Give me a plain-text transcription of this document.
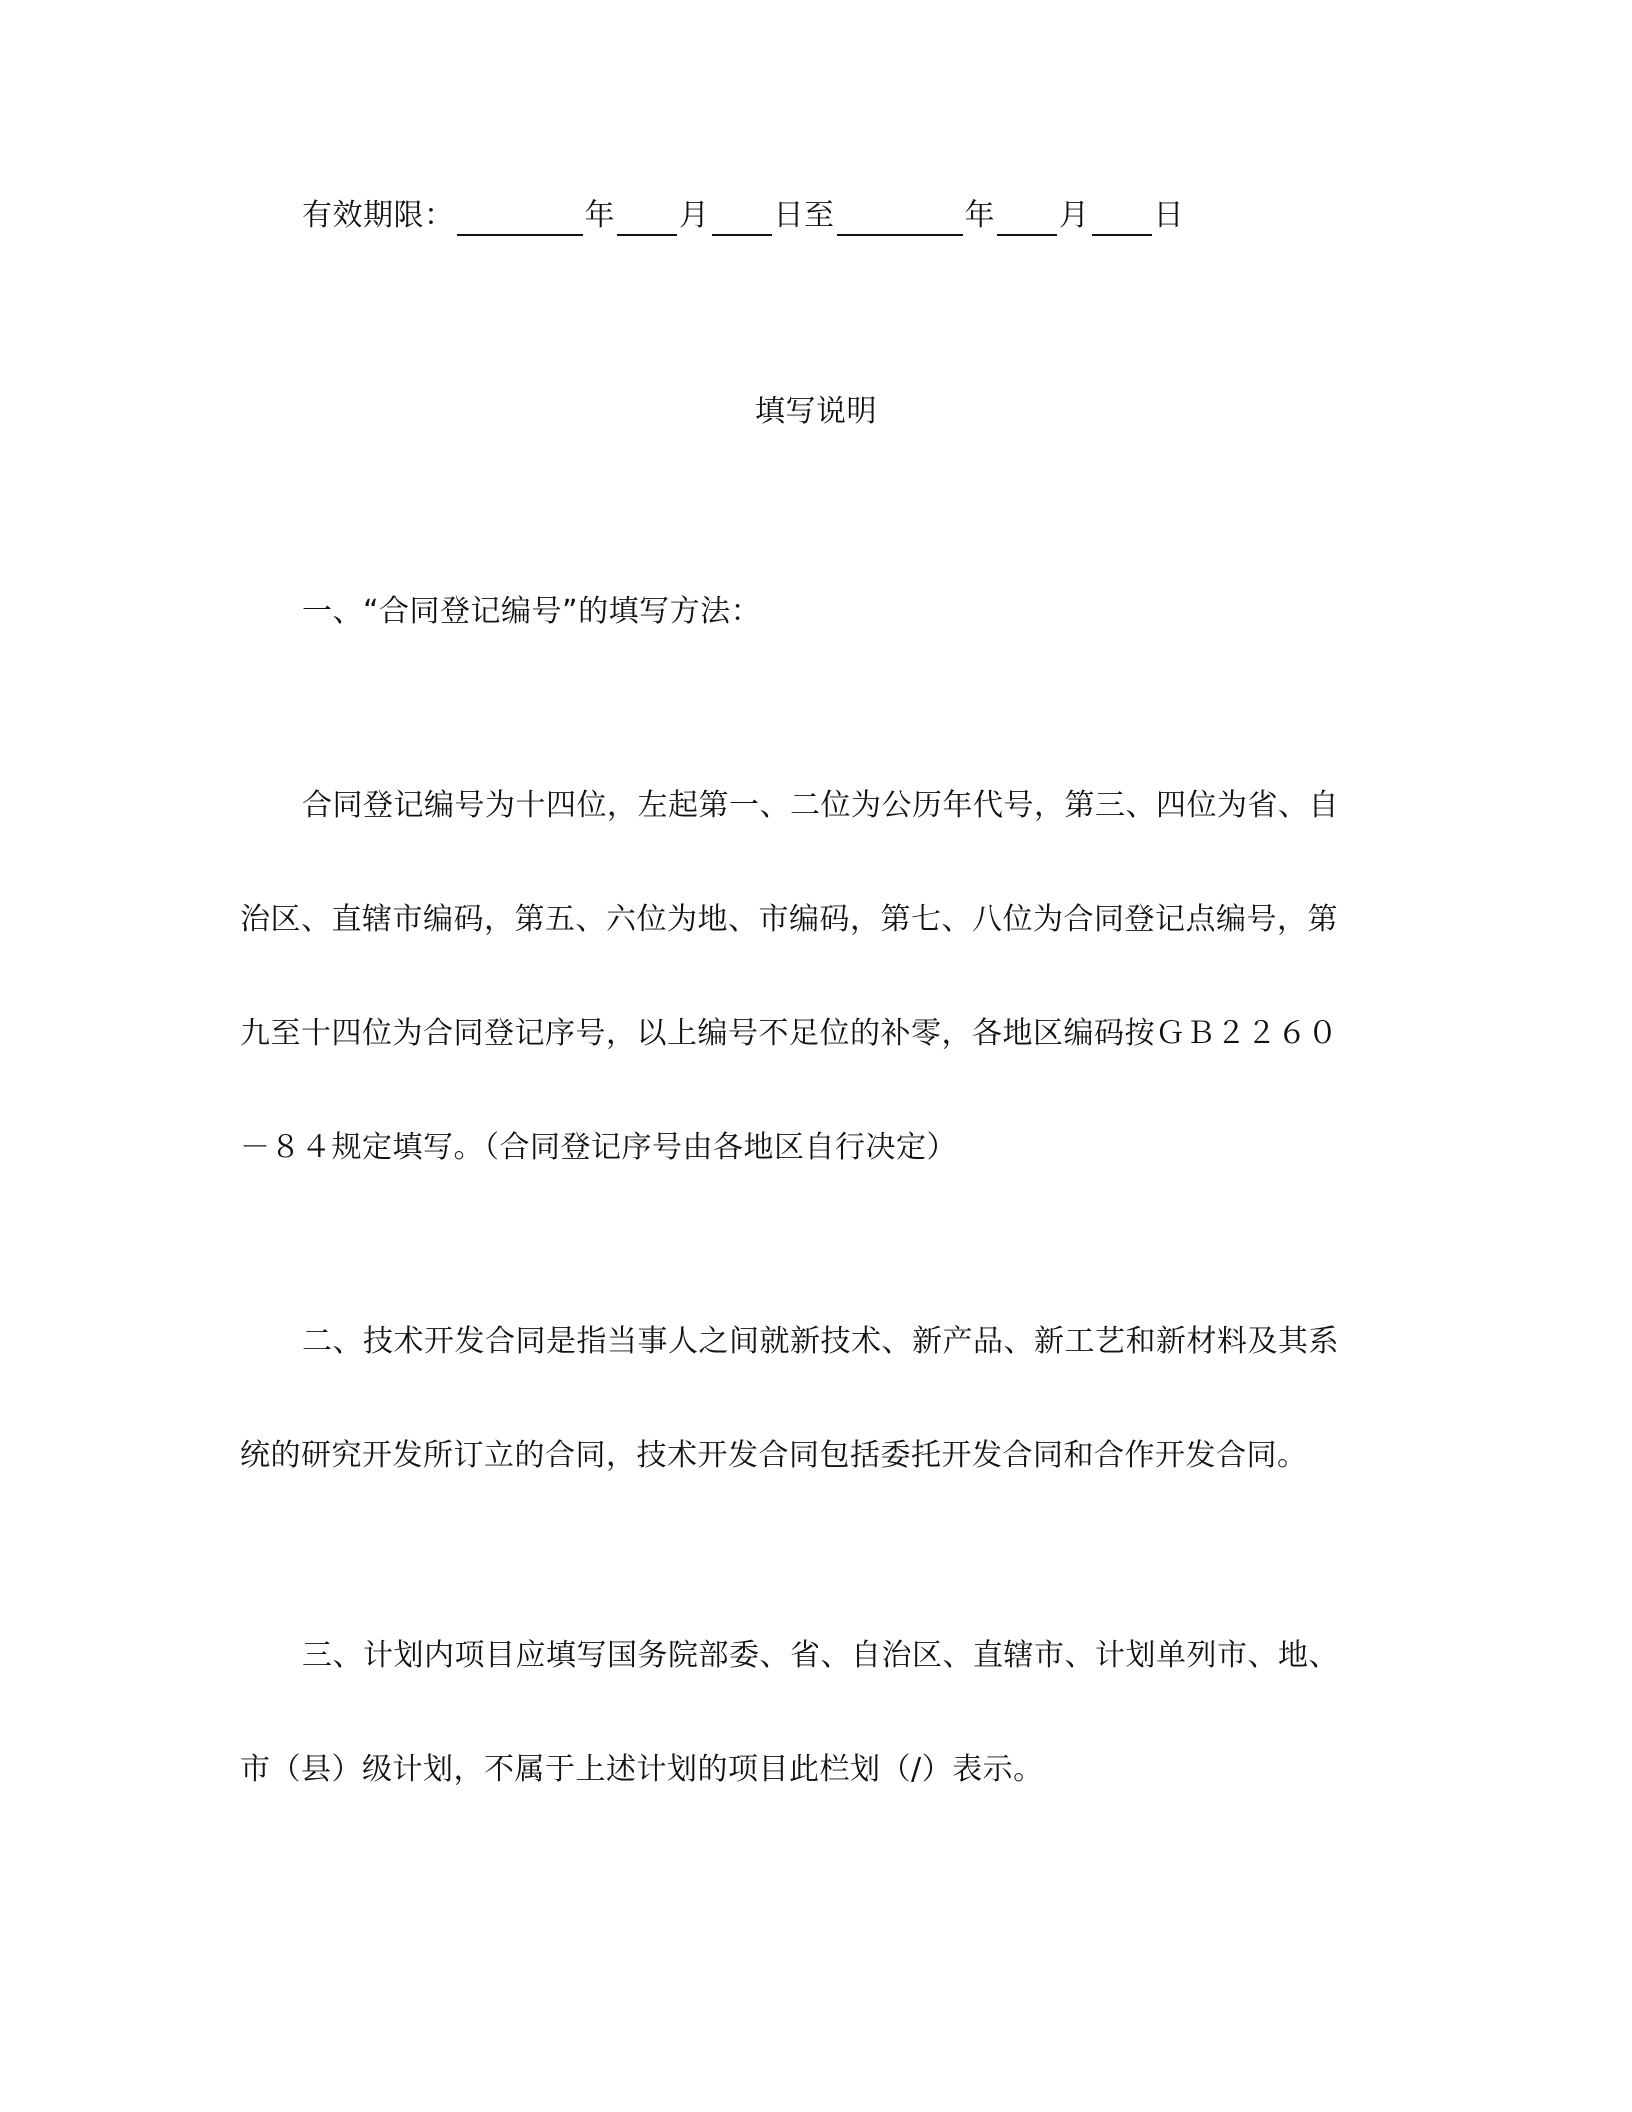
有效期限：	年 月 日至	年 月 日
填写说明
一、“合同登记编号”的填写方法：
合同登记编号为十四位，左起第一、二位为公历年代号，第三、四位为省、自
治区、直辖市编码，第五、六位为地、市编码，第七、八位为合同登记点编号，第
九至十四位为合同登记序号，以上编号不足位的补零，各地区编码按ＧＢ２２６０
－８４规定填写。（合同登记序号由各地区自行决定）
二、技术开发合同是指当事人之间就新技术、新产品、新工艺和新材料及其系
统的研究开发所订立的合同，技术开发合同包括委托开发合同和合作开发合同。
三、计划内项目应填写国务院部委、省、自治区、直辖市、计划单列市、地、
市（县）级计划，不属于上述计划的项目此栏划（/）表示。
